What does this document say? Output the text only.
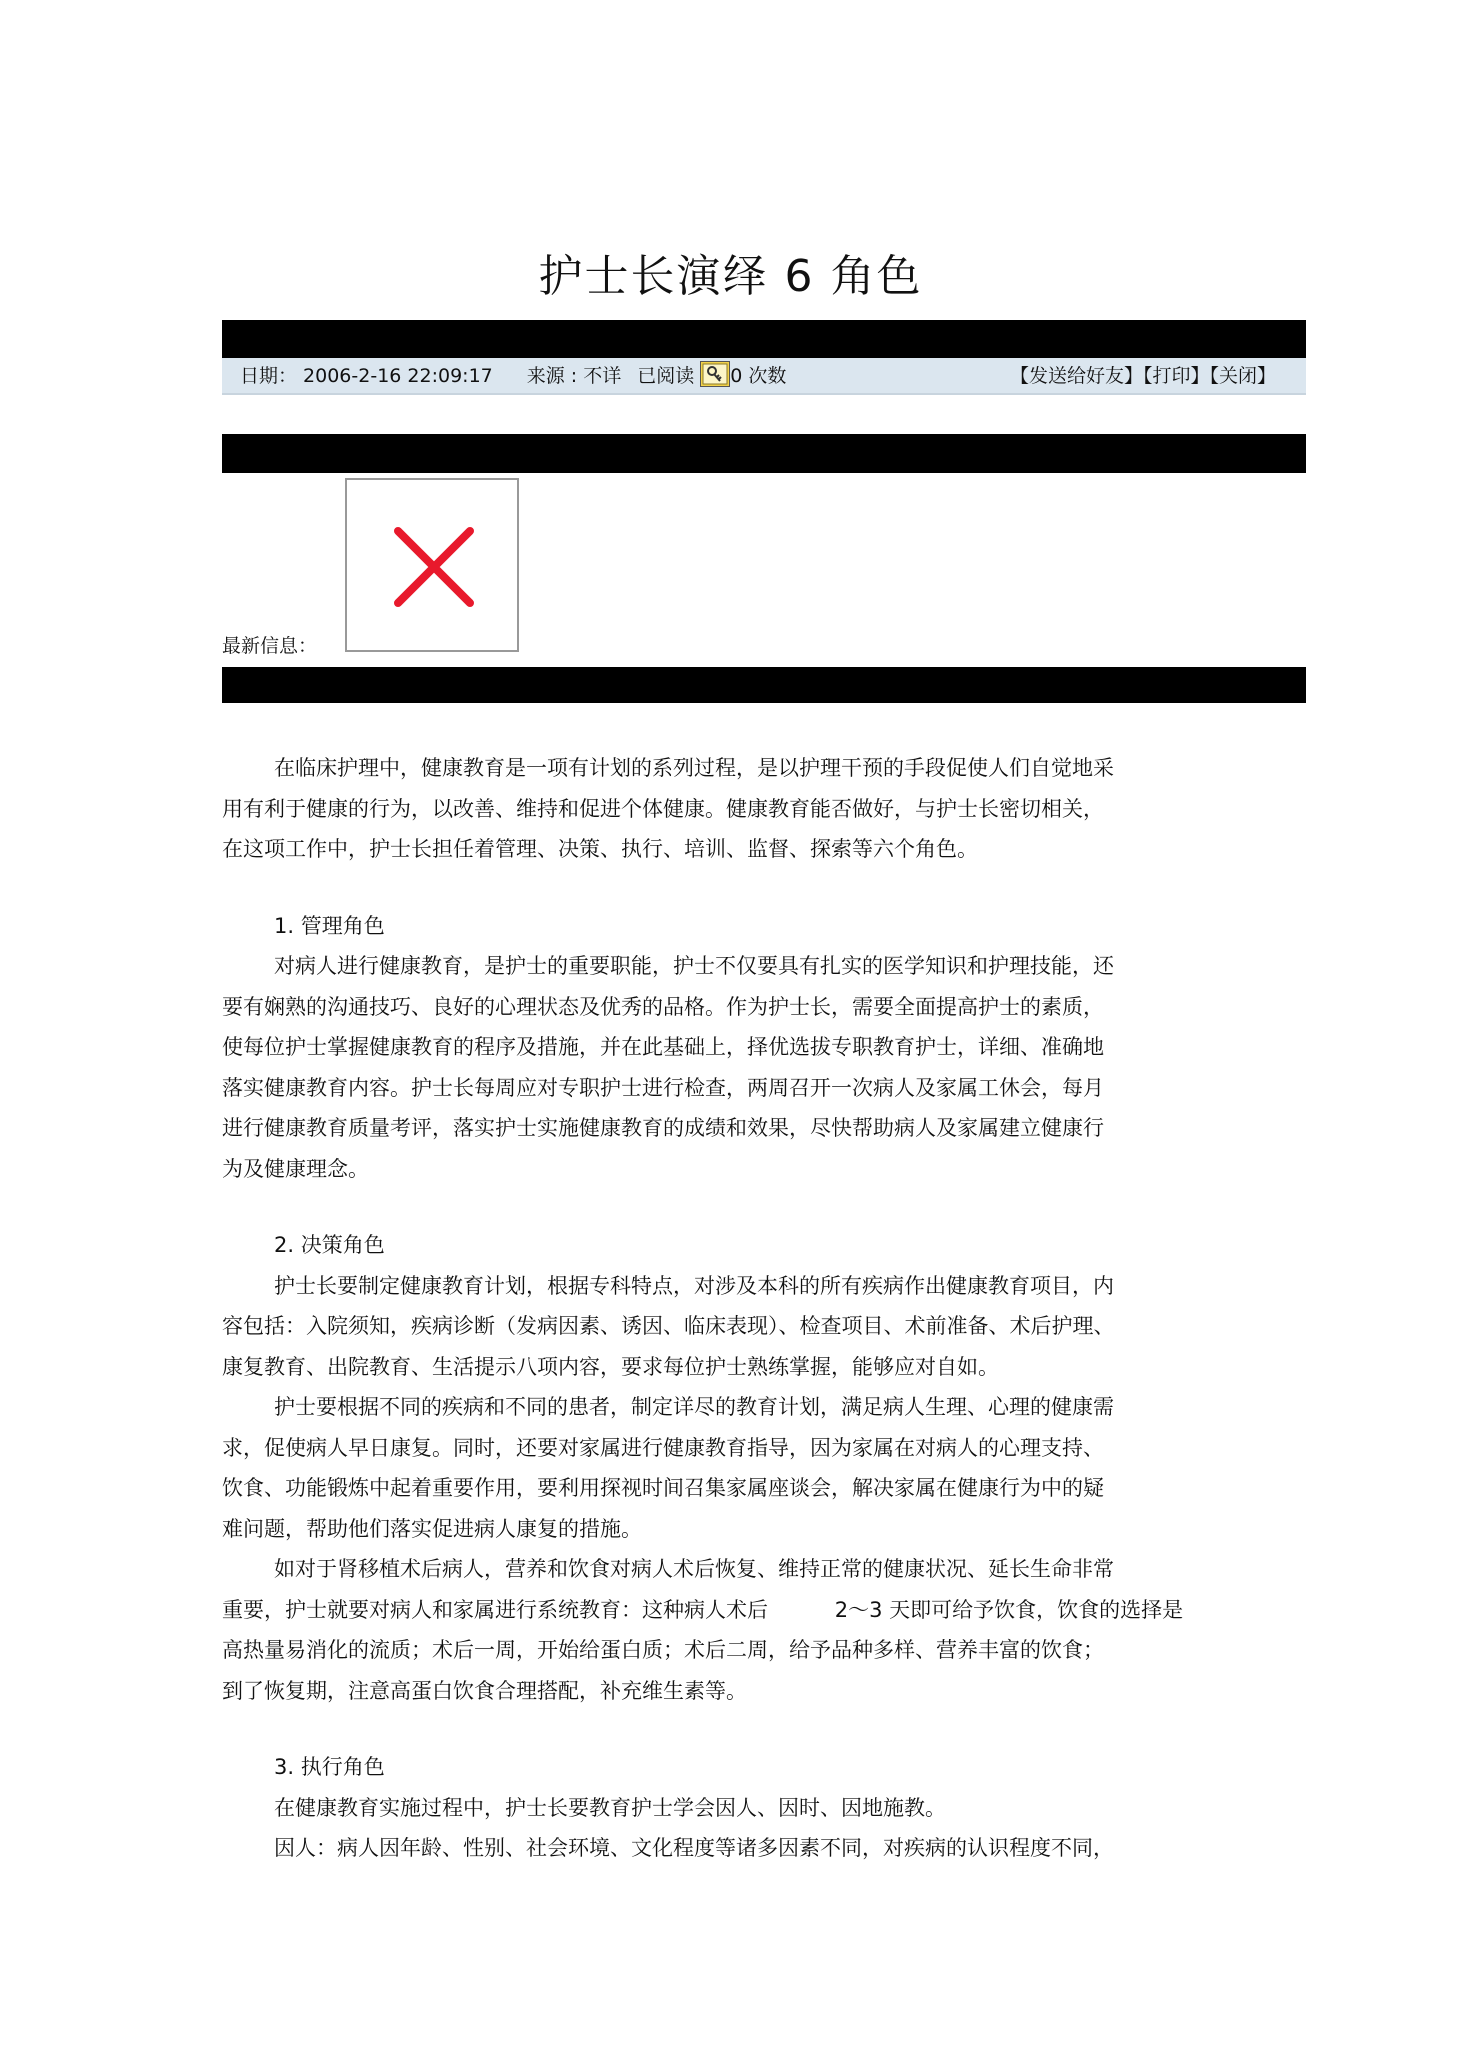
护士长演绎 6 角色
日期： 2006-2-16 22:09:17 来源 : 不详 已阅读 0 次数	【发送给好友】【打印】【关闭】
最新信息：

在临床护理中，健康教育是一项有计划的系列过程，是以护理干预的手段促使人们自觉地采

用有利于健康的行为，以改善、维持和促进个体健康。健康教育能否做好，与护士长密切相关，

在这项工作中，护士长担任着管理、决策、执行、培训、监督、探索等六个角色。

1. 管理角色

对病人进行健康教育，是护士的重要职能，护士不仅要具有扎实的医学知识和护理技能，还

要有娴熟的沟通技巧、良好的心理状态及优秀的品格。作为护士长，需要全面提高护士的素质，

使每位护士掌握健康教育的程序及措施，并在此基础上，择优选拔专职教育护士，详细、准确地

落实健康教育内容。护士长每周应对专职护士进行检查，两周召开一次病人及家属工休会，每月

进行健康教育质量考评，落实护士实施健康教育的成绩和效果，尽快帮助病人及家属建立健康行

为及健康理念。

2. 决策角色

护士长要制定健康教育计划，根据专科特点，对涉及本科的所有疾病作出健康教育项目，内

容包括：入院须知，疾病诊断（发病因素、诱因、临床表现）、检查项目、术前准备、术后护理、

康复教育、出院教育、生活提示八项内容，要求每位护士熟练掌握，能够应对自如。

护士要根据不同的疾病和不同的患者，制定详尽的教育计划，满足病人生理、心理的健康需

求，促使病人早日康复。同时，还要对家属进行健康教育指导，因为家属在对病人的心理支持、

饮食、功能锻炼中起着重要作用，要利用探视时间召集家属座谈会，解决家属在健康行为中的疑

难问题，帮助他们落实促进病人康复的措施。

如对于肾移植术后病人，营养和饮食对病人术后恢复、维持正常的健康状况、延长生命非常

重要，护士就要对病人和家属进行系统教育：这种病人术后          2～3 天即可给予饮食，饮食的选择是

高热量易消化的流质；术后一周，开始给蛋白质；术后二周，给予品种多样、营养丰富的饮食；

到了恢复期，注意高蛋白饮食合理搭配，补充维生素等。

3. 执行角色

在健康教育实施过程中，护士长要教育护士学会因人、因时、因地施教。

因人：病人因年龄、性别、社会环境、文化程度等诸多因素不同，对疾病的认识程度不同，
